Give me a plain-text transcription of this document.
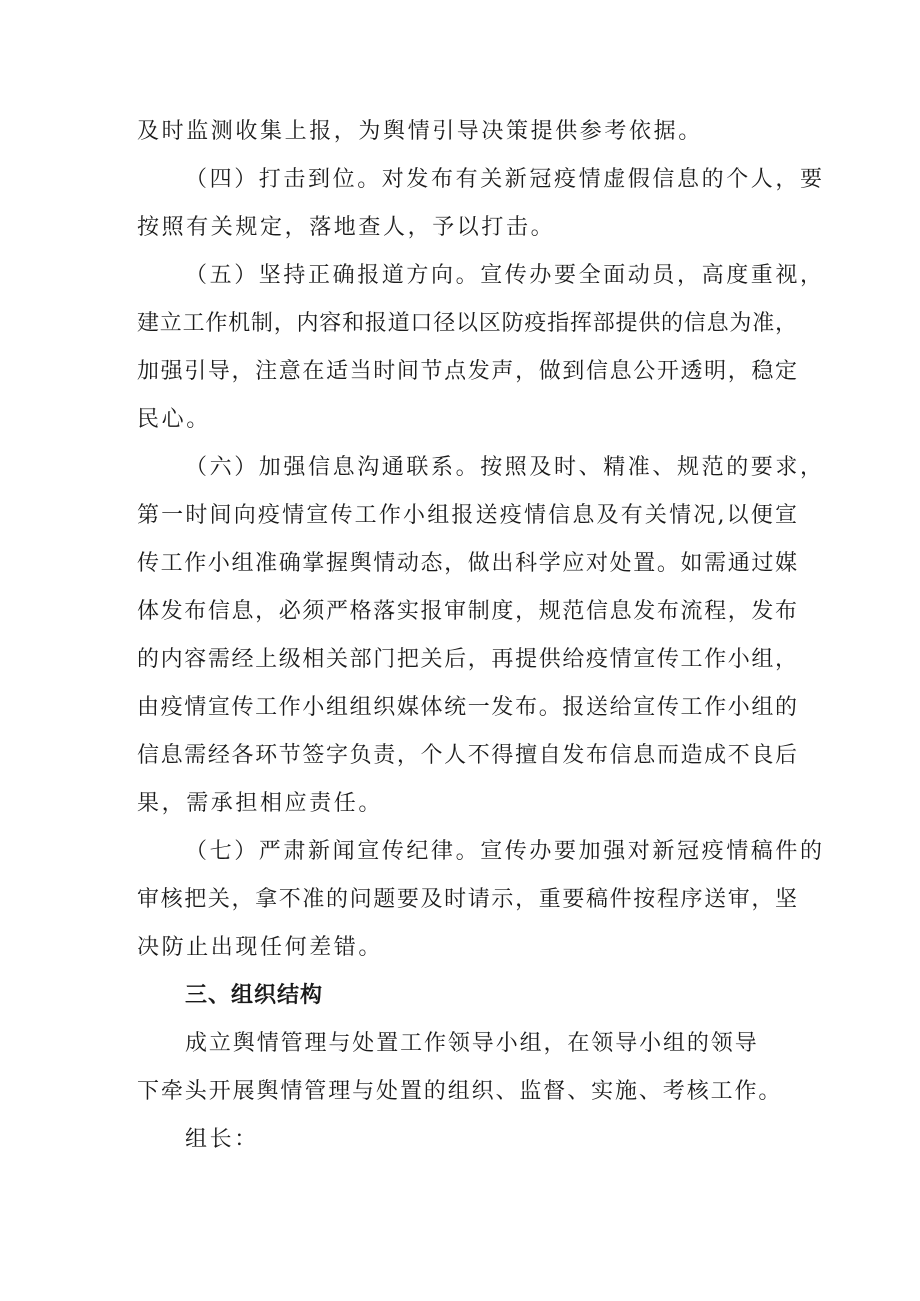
及时监测收集上报，为舆情引导决策提供参考依据。
（四）打击到位。对发布有关新冠疫情虚假信息的个人，要
按照有关规定，落地查人，予以打击。
（五）坚持正确报道方向。宣传办要全面动员，高度重视，
建立工作机制，内容和报道口径以区防疫指挥部提供的信息为准，
加强引导，注意在适当时间节点发声，做到信息公开透明，稳定
民心。
（六）加强信息沟通联系。按照及时、精准、规范的要求，
第一时间向疫情宣传工作小组报送疫情信息及有关情况,以便宣
传工作小组准确掌握舆情动态，做出科学应对处置。如需通过媒
体发布信息，必须严格落实报审制度，规范信息发布流程，发布
的内容需经上级相关部门把关后，再提供给疫情宣传工作小组，
由疫情宣传工作小组组织媒体统一发布。报送给宣传工作小组的
信息需经各环节签字负责，个人不得擅自发布信息而造成不良后
果，需承担相应责任。
（七）严肃新闻宣传纪律。宣传办要加强对新冠疫情稿件的
审核把关，拿不准的问题要及时请示，重要稿件按程序送审，坚
决防止出现任何差错。
三、组织结构
成立舆情管理与处置工作领导小组，在领导小组的领导
下牵头开展舆情管理与处置的组织、监督、实施、考核工作。
组长：
